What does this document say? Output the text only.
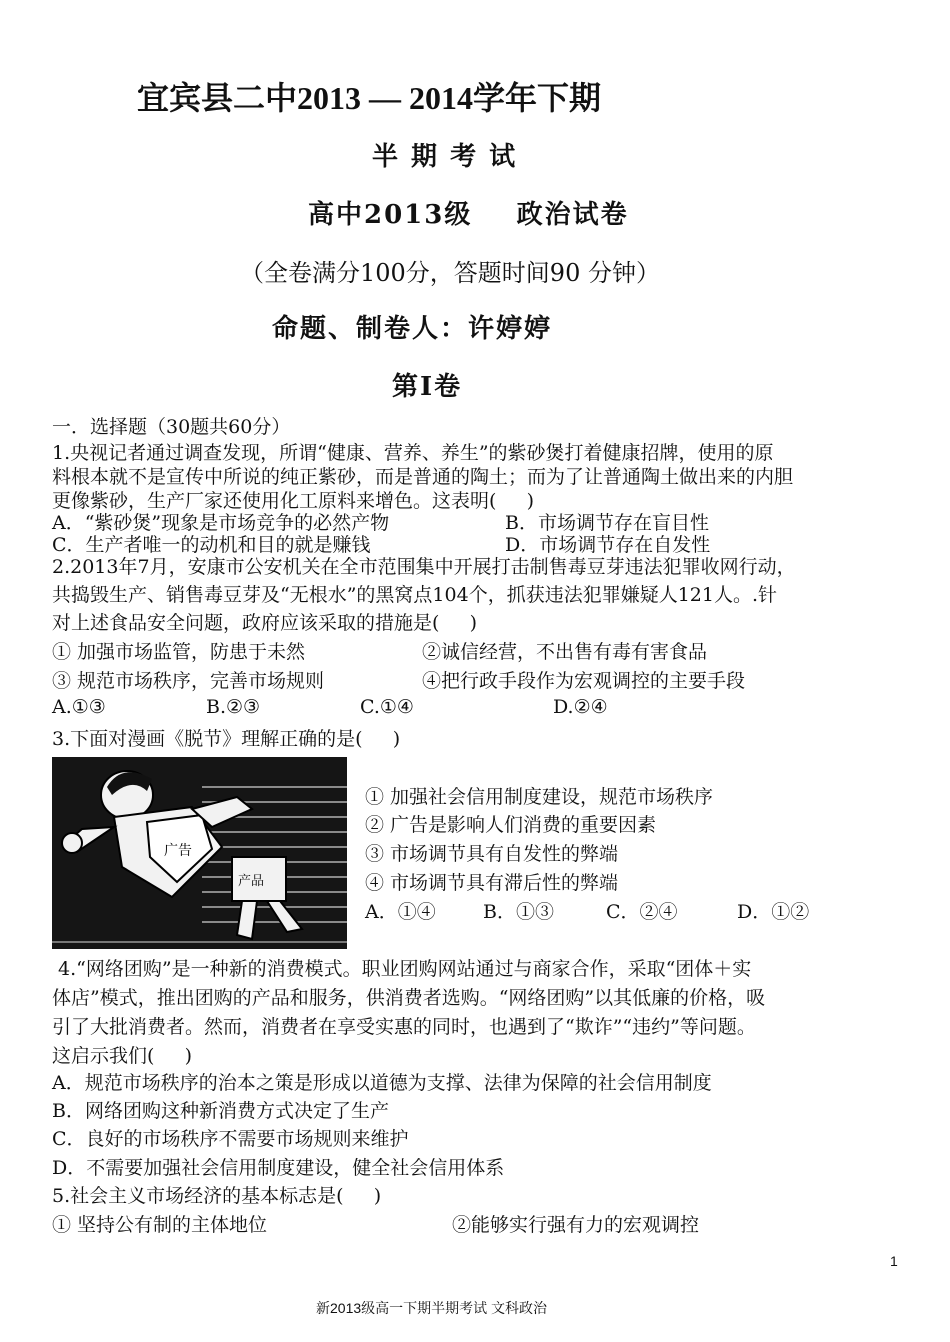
宜宾县二中2013 — 2014学年下期
半 期 考 试
高中2013级    政治试卷
（全卷满分100分，答题时间90 分钟）
命题、制卷人：许婷婷
第I卷
一．选择题（30题共60分）
1.央视记者通过调查发现，所谓“健康、营养、养生”的紫砂煲打着健康招牌，使用的原
料根本就不是宣传中所说的纯正紫砂，而是普通的陶土；而为了让普通陶土做出来的内胆
更像紫砂，生产厂家还使用化工原料来增色。这表明(     )
A．“紫砂煲”现象是市场竞争的必然产物	B．市场调节存在盲目性
C．生产者唯一的动机和目的就是赚钱	D．市场调节存在自发性
2.2013年7月，安康市公安机关在全市范围集中开展打击制售毒豆芽违法犯罪收网行动，
共捣毁生产、销售毒豆芽及“无根水”的黑窝点104个，抓获违法犯罪嫌疑人121人。.针
对上述食品安全问题，政府应该采取的措施是(     )
① 加强市场监管，防患于未然	②诚信经营，不出售有毒有害食品
③ 规范市场秩序，完善市场规则	④把行政手段作为宏观调控的主要手段
A.①③	B.②③	C.①④	D.②④
3.下面对漫画《脱节》理解正确的是(     )
广告
产品
① 加强社会信用制度建设，规范市场秩序
② 广告是影响人们消费的重要因素
③ 市场调节具有自发性的弊端
④ 市场调节具有滞后性的弊端
A．①④ B．①③	C．②④	D．①②
4.“网络团购”是一种新的消费模式。职业团购网站通过与商家合作，采取“团体＋实
体店”模式，推出团购的产品和服务，供消费者选购。“网络团购”以其低廉的价格，吸
引了大批消费者。然而，消费者在享受实惠的同时，也遇到了“欺诈”“违约”等问题。
这启示我们(     )
A．规范市场秩序的治本之策是形成以道德为支撑、法律为保障的社会信用制度
B．网络团购这种新消费方式决定了生产
C．良好的市场秩序不需要市场规则来维护
D．不需要加强社会信用制度建设，健全社会信用体系
5.社会主义市场经济的基本标志是(     )
① 坚持公有制的主体地位	②能够实行强有力的宏观调控
1
新2013级高一下期半期考试 文科政治
